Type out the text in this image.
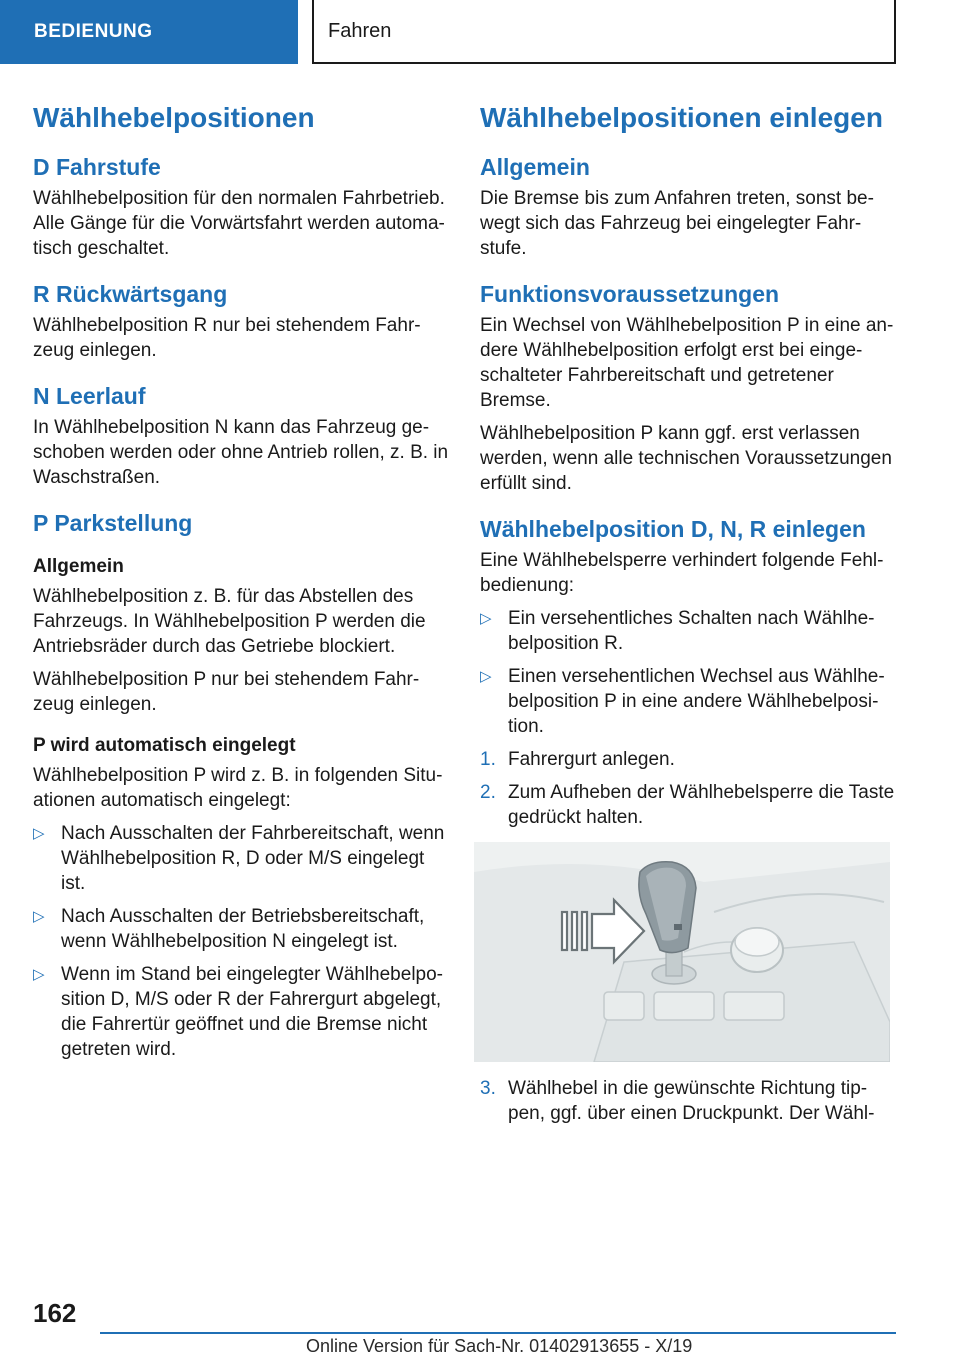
BEDIENUNG	Fahren
Wählhebelpositionen
D Fahrstufe

Wählhebelposition für den normalen Fahrbetrieb. Alle Gänge für die Vorwärtsfahrt werden automa-tisch geschaltet.

R Rückwärtsgang

Wählhebelposition R nur bei stehendem Fahr-zeug einlegen.

N Leerlauf

In Wählhebelposition N kann das Fahrzeug ge-schoben werden oder ohne Antrieb rollen, z. B. in Waschstraßen.

P Parkstellung
Allgemein

Wählhebelposition z. B. für das Abstellen des Fahrzeugs. In Wählhebelposition P werden die Antriebsräder durch das Getriebe blockiert.

Wählhebelposition P nur bei stehendem Fahr-zeug einlegen.

P wird automatisch eingelegt

Wählhebelposition P wird z. B. in folgenden Situ-ationen automatisch eingelegt:

▷ Nach Ausschalten der Fahrbereitschaft, wenn Wählhebelposition R, D oder M/S eingelegt ist.
▷ Nach Ausschalten der Betriebsbereitschaft, wenn Wählhebelposition N eingelegt ist.
▷ Wenn im Stand bei eingelegter Wählhebelpo-sition D, M/S oder R der Fahrergurt abgelegt, die Fahrertür geöffnet und die Bremse nicht getreten wird.
Wählhebelpositionen einlegen
Allgemein

Die Bremse bis zum Anfahren treten, sonst be-wegt sich das Fahrzeug bei eingelegter Fahr-stufe.

Funktionsvoraussetzungen

Ein Wechsel von Wählhebelposition P in eine an-dere Wählhebelposition erfolgt erst bei einge-schalteter Fahrbereitschaft und getretener Bremse.

Wählhebelposition P kann ggf. erst verlassen werden, wenn alle technischen Voraussetzungen erfüllt sind.

Wählhebelposition D, N, R einlegen

Eine Wählhebelsperre verhindert folgende Fehl-bedienung:

▷ Ein versehentliches Schalten nach Wählhe-belposition R.
▷ Einen versehentlichen Wechsel aus Wählhe-belposition P in eine andere Wählhebelposi-tion.
1. Fahrergurt anlegen.
2. Zum Aufheben der Wählhebelsperre die Taste gedrückt halten.
3. Wählhebel in die gewünschte Richtung tip-pen, ggf. über einen Druckpunkt. Der Wähl-
162
Online Version für Sach-Nr. 01402913655 - X/19
